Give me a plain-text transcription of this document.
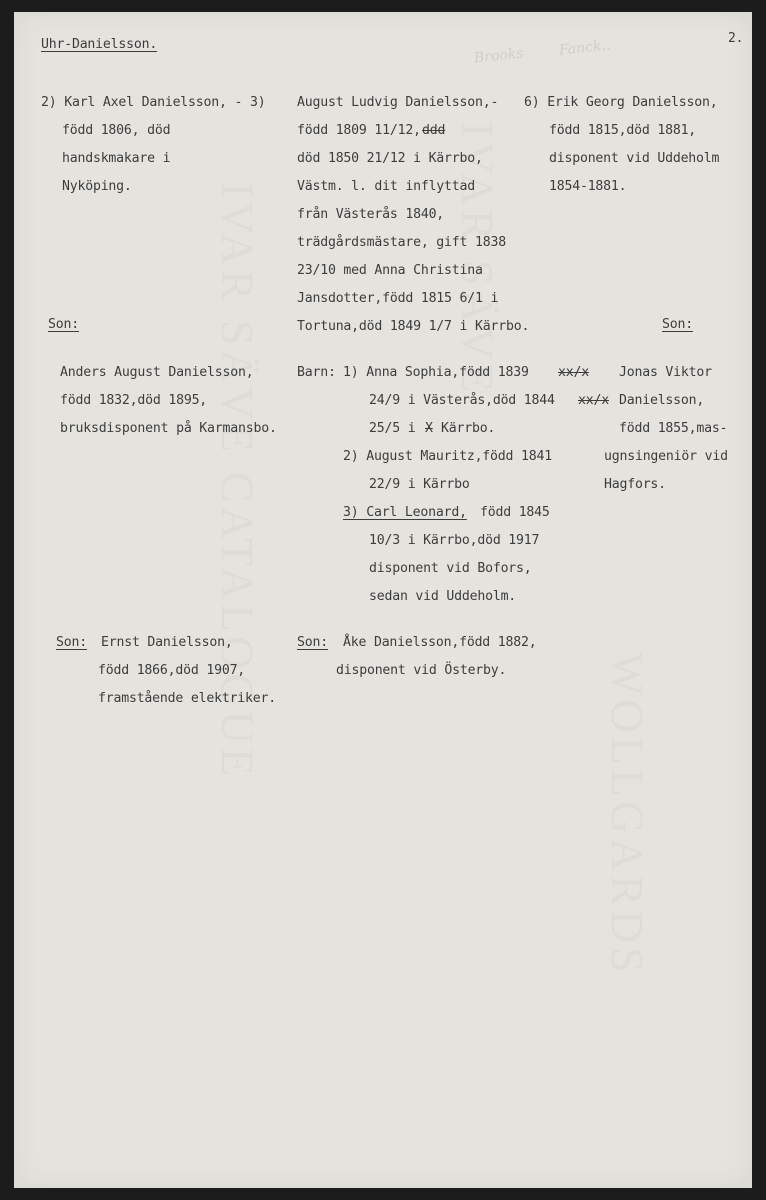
IVAR SÄVE CATALOGUE	IVAR SÄVE
WOLLGARDS
Fanck..
Brooks
2.
Uhr-Danielsson.
2) Karl Axel Danielsson, - 3)
född 1806, död
handskmakare i
Nyköping.
August Ludvig Danielsson,-
född 1809 11/12, ddd
död 1850 21/12 i Kärrbo,
Västm. l. dit inflyttad
från Västerås 1840,
trädgårdsmästare, gift 1838
23/10 med Anna Christina
Jansdotter,född 1815 6/1 i
Tortuna,död 1849 1/7 i Kärrbo.
6) Erik Georg Danielsson,
född 1815,död 1881,
disponent vid Uddeholm
1854-1881.
Son:	Son:
Anders August Danielsson,
född 1832,död 1895,
bruksdisponent på Karmansbo.
Barn: 1) Anna Sophia,född 1839 xx/x
24/9 i Västerås,död 1844 xx/x
25/5 i X Kärrbo.
2) August Mauritz,född 1841
22/9 i Kärrbo
3) Carl Leonard, född 1845
10/3 i Kärrbo,död 1917
disponent vid Bofors,
sedan vid Uddeholm.
Jonas Viktor
Danielsson,
född 1855,mas-
ugnsingeniör vid
Hagfors.
Son: Ernst Danielsson,
född 1866,död 1907,
framstående elektriker.
Son: Åke Danielsson,född 1882,
disponent vid Österby.
